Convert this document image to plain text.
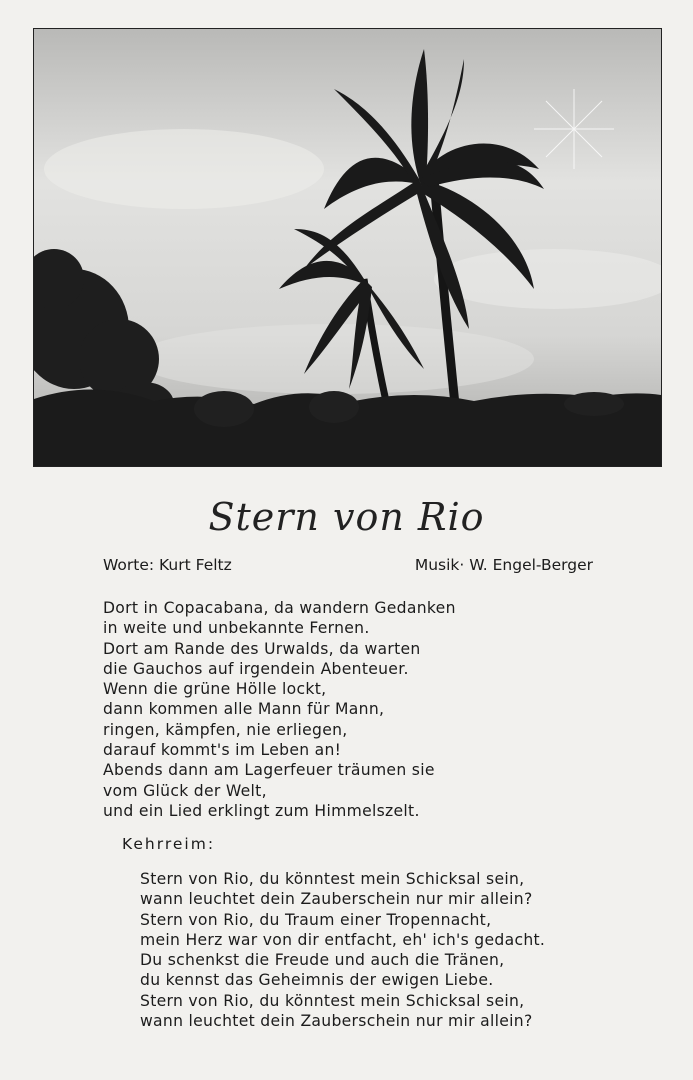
Stern von Rio
Worte: Kurt Feltz	Musik· W. Engel-Berger
Dort in Copacabana, da wandern Gedanken
in weite und unbekannte Fernen.
Dort am Rande des Urwalds, da warten
die Gauchos auf irgendein Abenteuer.
Wenn die grüne Hölle lockt,
dann kommen alle Mann für Mann,
ringen, kämpfen, nie erliegen,
darauf kommt's im Leben an!
Abends dann am Lagerfeuer träumen sie
vom Glück der Welt,
und ein Lied erklingt zum Himmelszelt.
Kehrreim:
Stern von Rio, du könntest mein Schicksal sein,
wann leuchtet dein Zauberschein nur mir allein?
Stern von Rio, du Traum einer Tropennacht,
mein Herz war von dir entfacht, eh' ich's gedacht.
Du schenkst die Freude und auch die Tränen,
du kennst das Geheimnis der ewigen Liebe.
Stern von Rio, du könntest mein Schicksal sein,
wann leuchtet dein Zauberschein nur mir allein?
